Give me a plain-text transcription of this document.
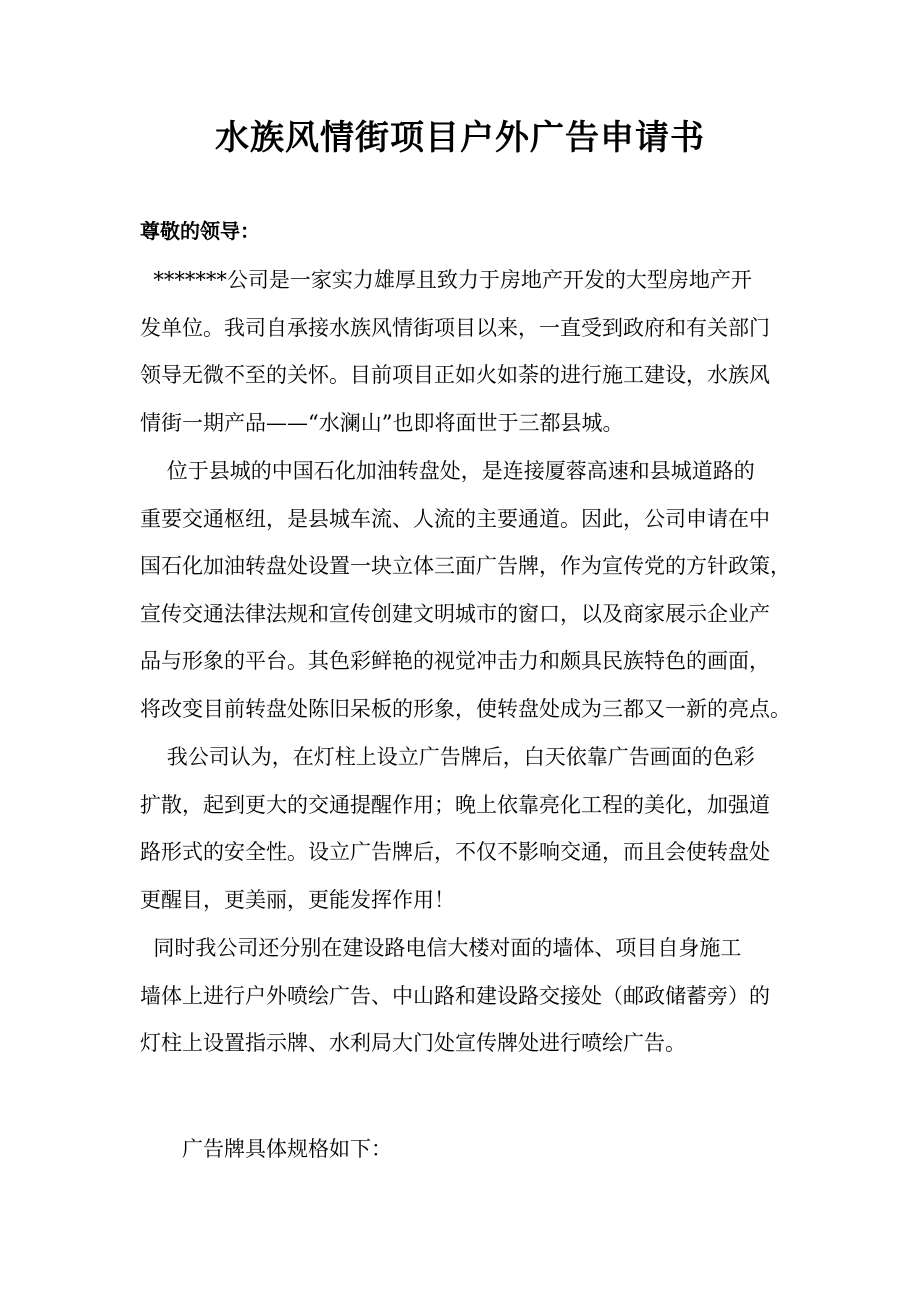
水族风情街项目户外广告申请书
尊敬的领导：
*******公司是一家实力雄厚且致力于房地产开发的大型房地产开
发单位。我司自承接水族风情街项目以来，一直受到政府和有关部门
领导无微不至的关怀。目前项目正如火如荼的进行施工建设，水族风
情街一期产品——“水澜山”也即将面世于三都县城。
位于县城的中国石化加油转盘处，是连接厦蓉高速和县城道路的
重要交通枢纽，是县城车流、人流的主要通道。因此，公司申请在中
国石化加油转盘处设置一块立体三面广告牌，作为宣传党的方针政策，
宣传交通法律法规和宣传创建文明城市的窗口，以及商家展示企业产
品与形象的平台。其色彩鲜艳的视觉冲击力和颇具民族特色的画面，
将改变目前转盘处陈旧呆板的形象，使转盘处成为三都又一新的亮点。
我公司认为，在灯柱上设立广告牌后，白天依靠广告画面的色彩
扩散，起到更大的交通提醒作用；晚上依靠亮化工程的美化，加强道
路形式的安全性。设立广告牌后，不仅不影响交通，而且会使转盘处
更醒目，更美丽，更能发挥作用！
同时我公司还分别在建设路电信大楼对面的墙体、项目自身施工
墙体上进行户外喷绘广告、中山路和建设路交接处（邮政储蓄旁）的
灯柱上设置指示牌、水利局大门处宣传牌处进行喷绘广告。
广告牌具体规格如下：
